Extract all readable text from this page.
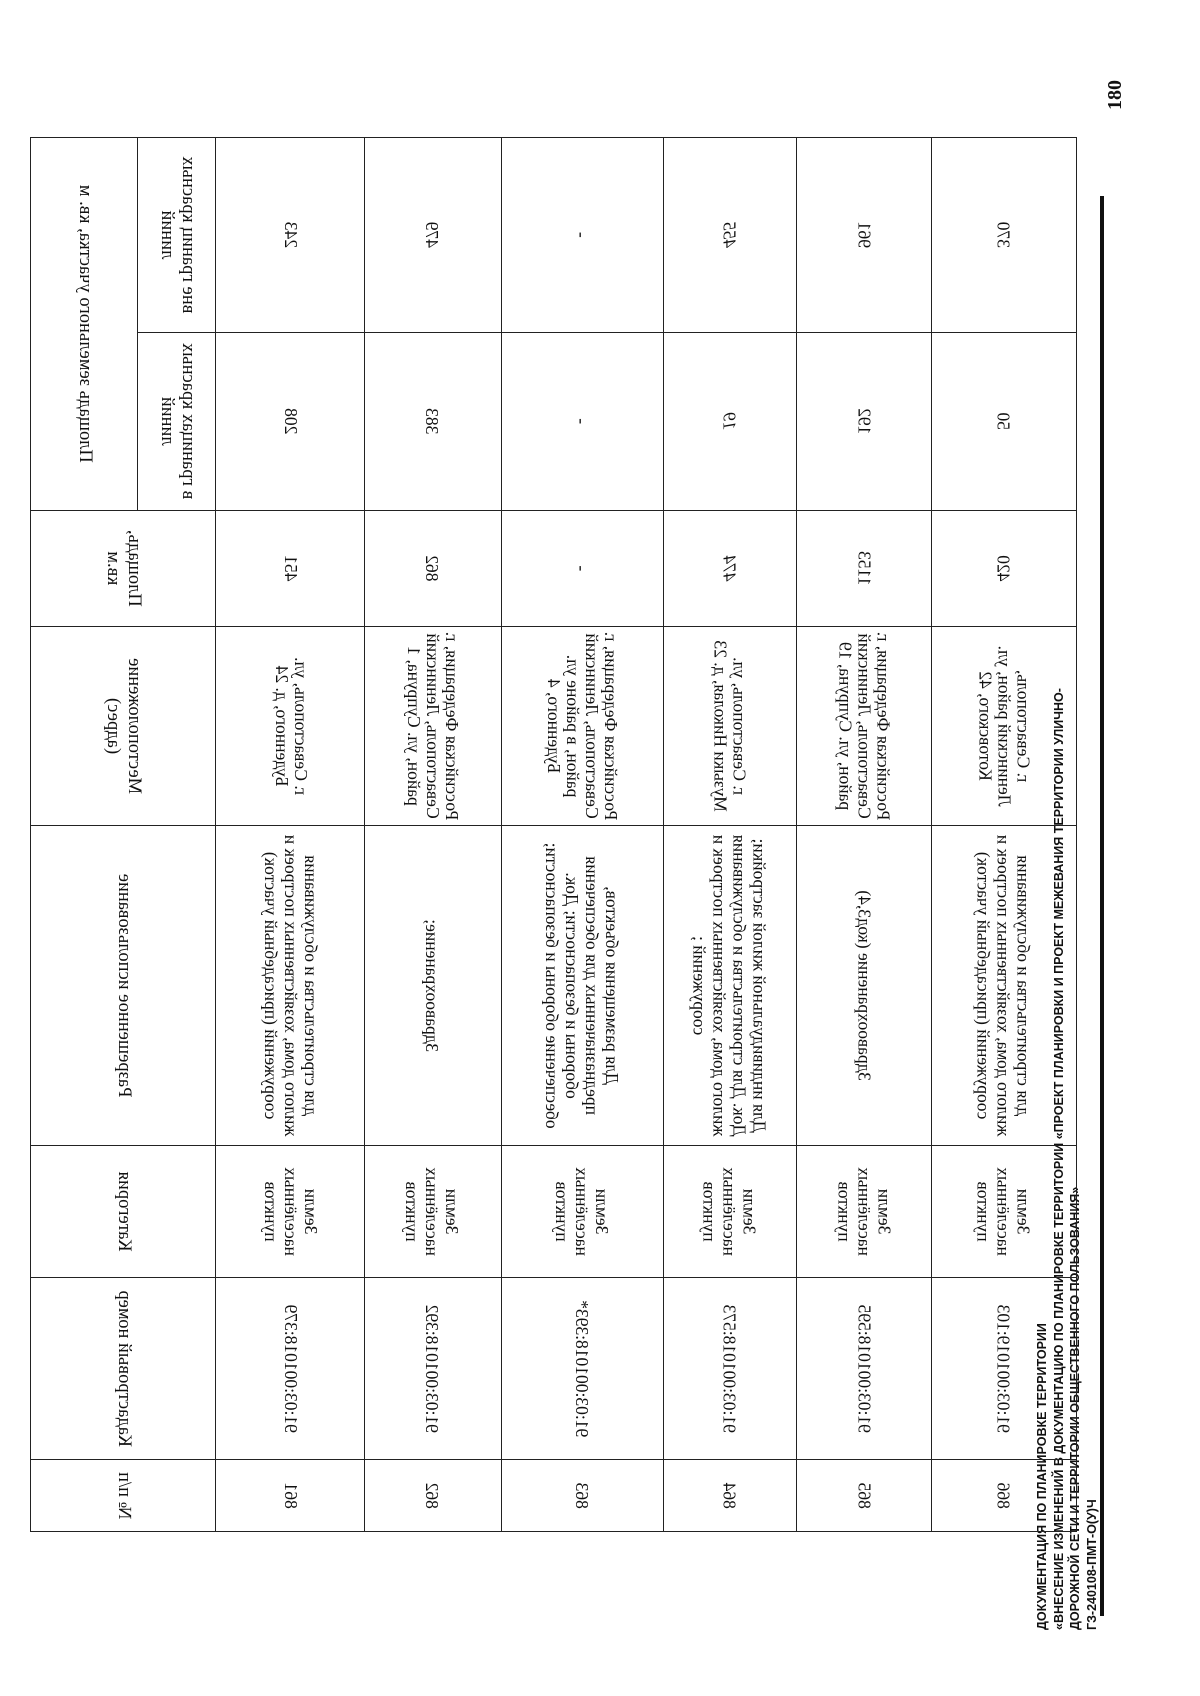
ДОКУМЕНТАЦИЯ ПО ПЛАНИРОВКЕ ТЕРРИТОРИИ «ВНЕСЕНИЕ ИЗМЕНЕНИЙ В ДОКУМЕНТАЦИЮ ПО ПЛАНИРОВКЕ ТЕРРИТОРИИ «ПРОЕКТ ПЛАНИРОВКИ И ПРОЕКТ МЕЖЕВАНИЯ ТЕРРИТОРИИ УЛИЧНО- ДОРОЖНОЙ СЕТИ И ТЕРРИТОРИИ ОБЩЕСТВЕННОГО ПОЛЬЗОВАНИЯ» ГЗ-240108-ПМТ-О(У)Ч
180
№ п/п	Кадастровый номер	Категория	Разрешенное использование	Местоположение (адрес)	Площадь, кв.м	Площадь земельного участка, кв. м	
						в границах красных линий	вне границ красных линий
861	91:03:001018:379	Земли населённых пунктов	для строительства и обслуживания жилого дома, хозяйственных построек и сооружений (присадебный участок)	г. Севастополь, ул. Буденного, д. 24	451	208	243
862	91:03:001018:392	Земли населённых пунктов	Здравоохранение;	Российская Федерация, г. Севастополь, Ленинский район, ул. Супруна, 1	862	383	479
863	91:03:001018:393*	Земли населённых пунктов	Для размещения объектов, предназначенных для обеспечения обороны и безопасности; Док. обеспечение обороны и безопасности;	Российская Федерация, г. Севастополь, Ленинский район, в районе ул. Буденного, 4	-	-	-
864	91:03:001018:573	Земли населённых пунктов	Для индивидуальной жилой застройки; Док. Для строительства и обслуживания жилого дома, хозяйственных построек и сооружений ;	г. Севастополь, ул. Музыки Николая, д. 23	474	19	455
865	91:03:001018:595	Земли населённых пунктов	Здравоохранение (код3,4)	Российская Федерация, г. Севастополь, Ленинский район, ул. Супруна, 19	1153	192	961
866	91:03:001019:103	Земли населённых пунктов	для строительства и обслуживания жилого дома, хозяйственных построек и сооружений (присадебный участок)	г. Севастополь, Ленинский район, ул. Котовского, 42	420	50	370
